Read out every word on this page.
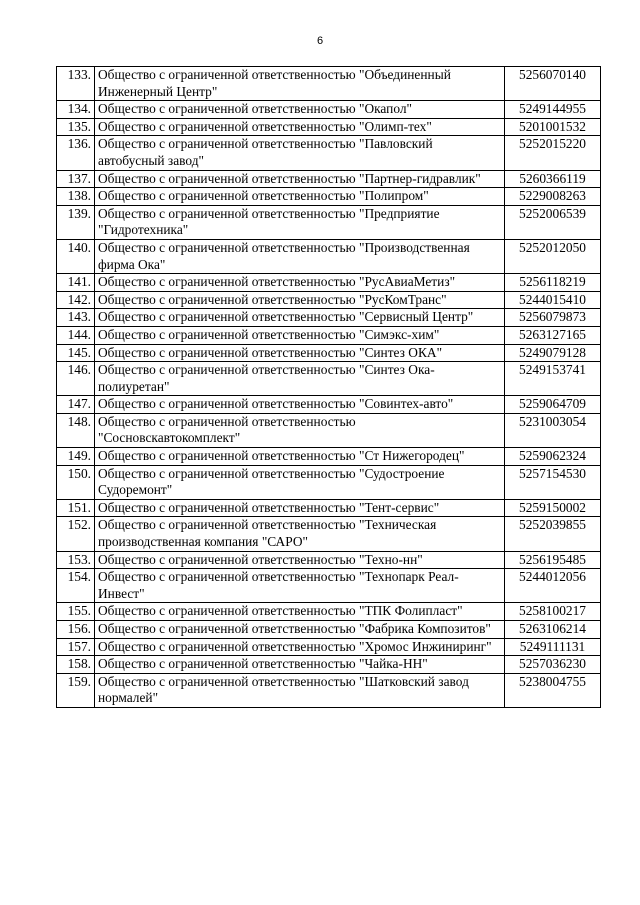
6
133.	Общество с ограниченной ответственностью "Объединенный Инженерный Центр"	5256070140
134.	Общество с ограниченной ответственностью "Окапол"	5249144955
135.	Общество с ограниченной ответственностью "Олимп-тех"	5201001532
136.	Общество с ограниченной ответственностью "Павловский автобусный завод"	5252015220
137.	Общество с ограниченной ответственностью "Партнер-гидравлик"	5260366119
138.	Общество с ограниченной ответственностью "Полипром"	5229008263
139.	Общество с ограниченной ответственностью "Предприятие "Гидротехника"	5252006539
140.	Общество с ограниченной ответственностью "Производственная фирма Ока"	5252012050
141.	Общество с ограниченной ответственностью "РусАвиаМетиз"	5256118219
142.	Общество с ограниченной ответственностью "РусКомТранс"	5244015410
143.	Общество с ограниченной ответственностью "Сервисный Центр"	5256079873
144.	Общество с ограниченной ответственностью "Симэкс-хим"	5263127165
145.	Общество с ограниченной ответственностью "Синтез ОКА"	5249079128
146.	Общество с ограниченной ответственностью "Синтез Ока-полиуретан"	5249153741
147.	Общество с ограниченной ответственностью "Совинтех-авто"	5259064709
148.	Общество с ограниченной ответственностью "Сосновскавтокомплект"	5231003054
149.	Общество с ограниченной ответственностью "Ст Нижегородец"	5259062324
150.	Общество с ограниченной ответственностью "Судостроение Судоремонт"	5257154530
151.	Общество с ограниченной ответственностью "Тент-сервис"	5259150002
152.	Общество с ограниченной ответственностью "Техническая производственная компания "САРО"	5252039855
153.	Общество с ограниченной ответственностью "Техно-нн"	5256195485
154.	Общество с ограниченной ответственностью "Технопарк Реал-Инвест"	5244012056
155.	Общество с ограниченной ответственностью "ТПК Фолипласт"	5258100217
156.	Общество с ограниченной ответственностью "Фабрика Композитов"	5263106214
157.	Общество с ограниченной ответственностью "Хромос Инжиниринг"	5249111131
158.	Общество с ограниченной ответственностью "Чайка-НН"	5257036230
159.	Общество с ограниченной ответственностью "Шатковский завод нормалей"	5238004755
